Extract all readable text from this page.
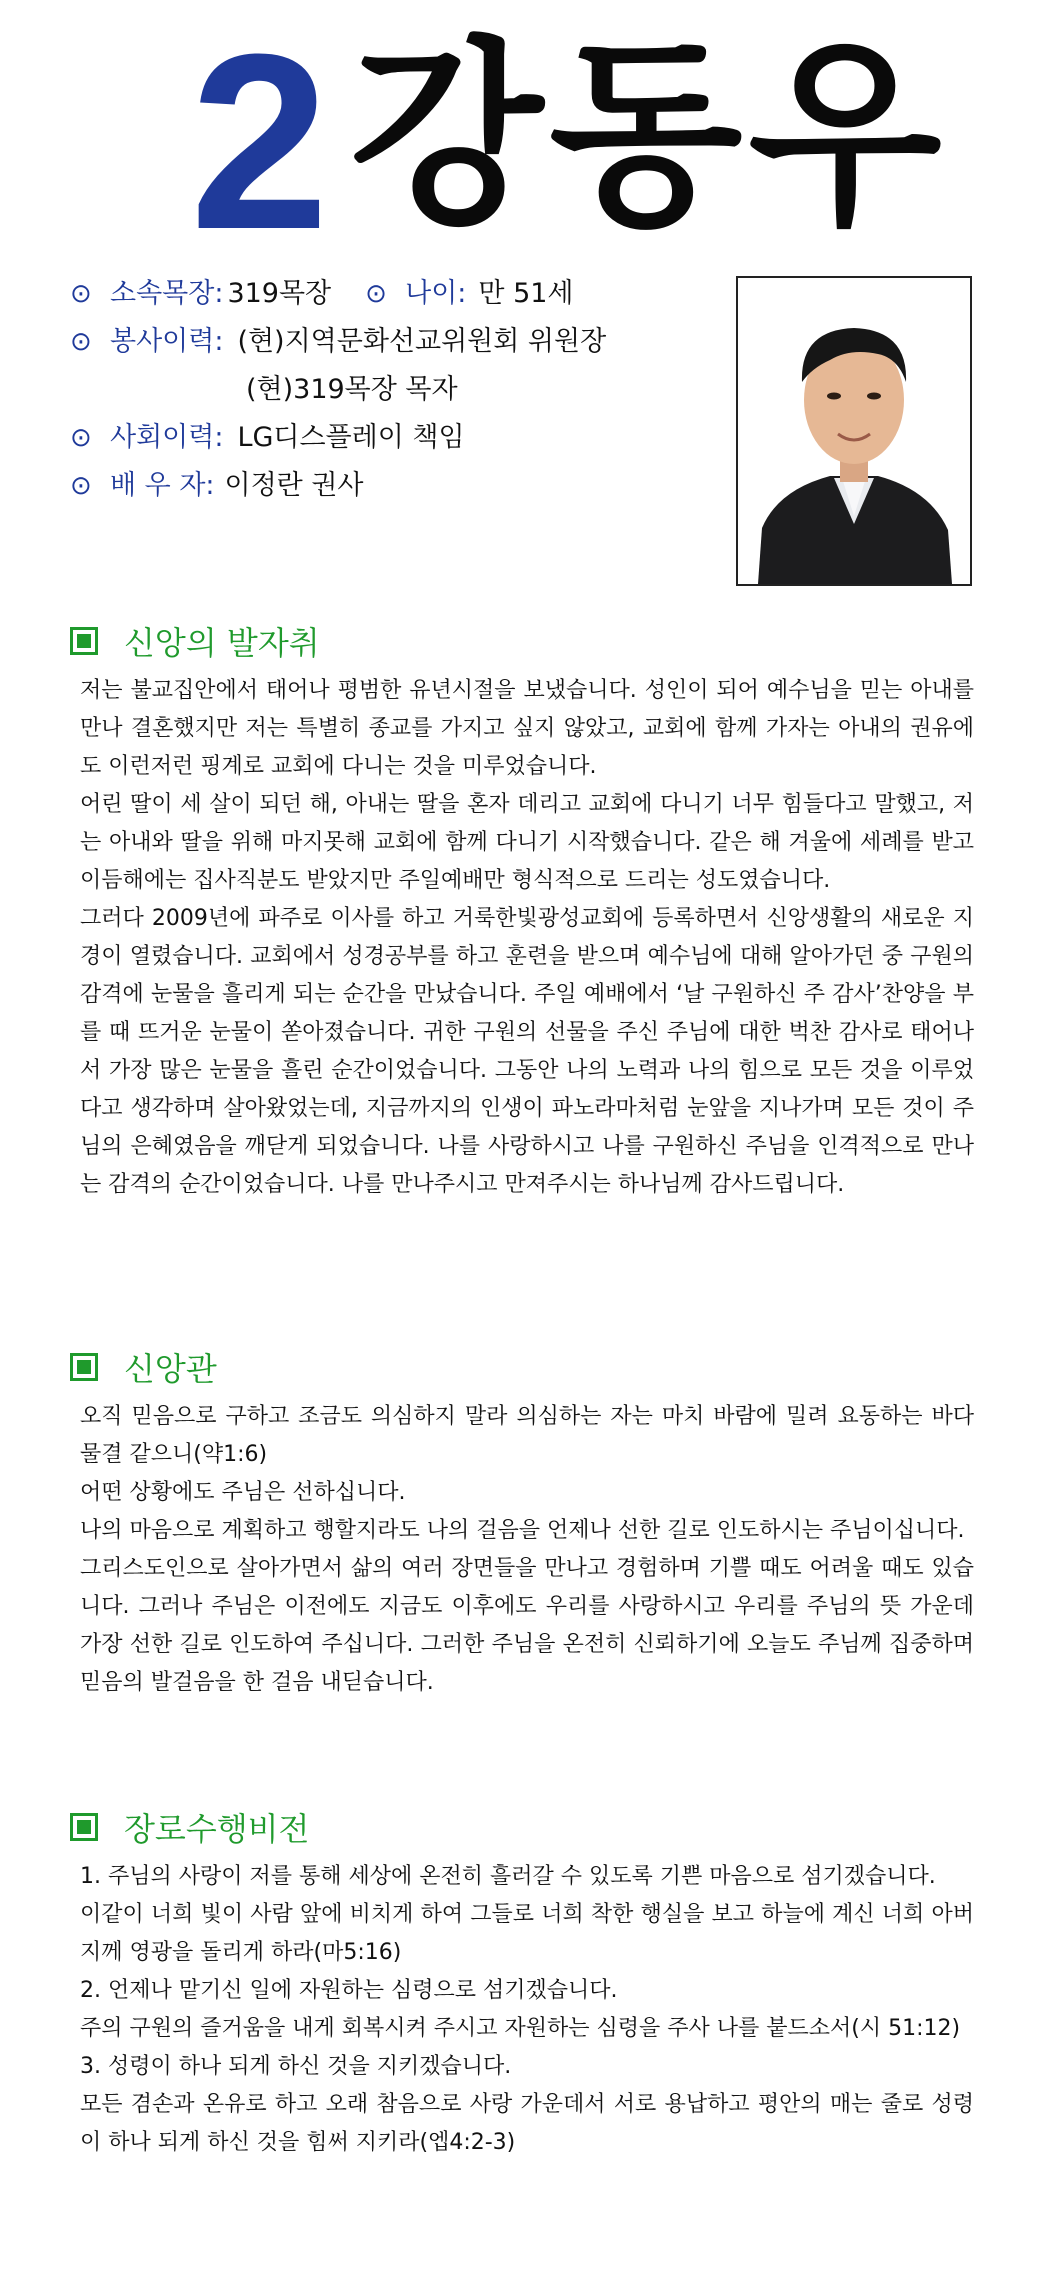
2 강동우
⊙ 소속목장: 319목장 ⊙ 나이: 만 51세
⊙ 봉사이력: (현)지역문화선교위원회 위원장
(현)319목장 목자
⊙ 사회이력: LG디스플레이 책임
⊙ 배 우 자: 이정란 권사
신앙의 발자취

저는 불교집안에서 태어나 평범한 유년시절을 보냈습니다. 성인이 되어 예수님을 믿는 아내를 만나 결혼했지만 저는 특별히 종교를 가지고 싶지 않았고, 교회에 함께 가자는 아내의 권유에도 이런저런 핑계로 교회에 다니는 것을 미루었습니다.

어린 딸이 세 살이 되던 해, 아내는 딸을 혼자 데리고 교회에 다니기 너무 힘들다고 말했고, 저는 아내와 딸을 위해 마지못해 교회에 함께 다니기 시작했습니다. 같은 해 겨울에 세례를 받고 이듬해에는 집사직분도 받았지만 주일예배만 형식적으로 드리는 성도였습니다.

그러다 2009년에 파주로 이사를 하고 거룩한빛광성교회에 등록하면서 신앙생활의 새로운 지경이 열렸습니다. 교회에서 성경공부를 하고 훈련을 받으며 예수님에 대해 알아가던 중 구원의 감격에 눈물을 흘리게 되는 순간을 만났습니다. 주일 예배에서 ‘날 구원하신 주 감사’찬양을 부를 때 뜨거운 눈물이 쏟아졌습니다. 귀한 구원의 선물을 주신 주님에 대한 벅찬 감사로 태어나서 가장 많은 눈물을 흘린 순간이었습니다. 그동안 나의 노력과 나의 힘으로 모든 것을 이루었다고 생각하며 살아왔었는데, 지금까지의 인생이 파노라마처럼 눈앞을 지나가며 모든 것이 주님의 은혜였음을 깨닫게 되었습니다. 나를 사랑하시고 나를 구원하신 주님을 인격적으로 만나는 감격의 순간이었습니다. 나를 만나주시고 만져주시는 하나님께 감사드립니다.

신앙관

오직 믿음으로 구하고 조금도 의심하지 말라 의심하는 자는 마치 바람에 밀려 요동하는 바다 물결 같으니(약1:6)

어떤 상황에도 주님은 선하십니다.

나의 마음으로 계획하고 행할지라도 나의 걸음을 언제나 선한 길로 인도하시는 주님이십니다.

그리스도인으로 살아가면서 삶의 여러 장면들을 만나고 경험하며 기쁠 때도 어려울 때도 있습니다. 그러나 주님은 이전에도 지금도 이후에도 우리를 사랑하시고 우리를 주님의 뜻 가운데 가장 선한 길로 인도하여 주십니다. 그러한 주님을 온전히 신뢰하기에 오늘도 주님께 집중하며 믿음의 발걸음을 한 걸음 내딛습니다.

장로수행비전

1. 주님의 사랑이 저를 통해 세상에 온전히 흘러갈 수 있도록 기쁜 마음으로 섬기겠습니다.

이같이 너희 빛이 사람 앞에 비치게 하여 그들로 너희 착한 행실을 보고 하늘에 계신 너희 아버지께 영광을 돌리게 하라(마5:16)

2. 언제나 맡기신 일에 자원하는 심령으로 섬기겠습니다.

주의 구원의 즐거움을 내게 회복시켜 주시고 자원하는 심령을 주사 나를 붙드소서(시 51:12)

3. 성령이 하나 되게 하신 것을 지키겠습니다.

모든 겸손과 온유로 하고 오래 참음으로 사랑 가운데서 서로 용납하고 평안의 매는 줄로 성령이 하나 되게 하신 것을 힘써 지키라(엡4:2-3)
